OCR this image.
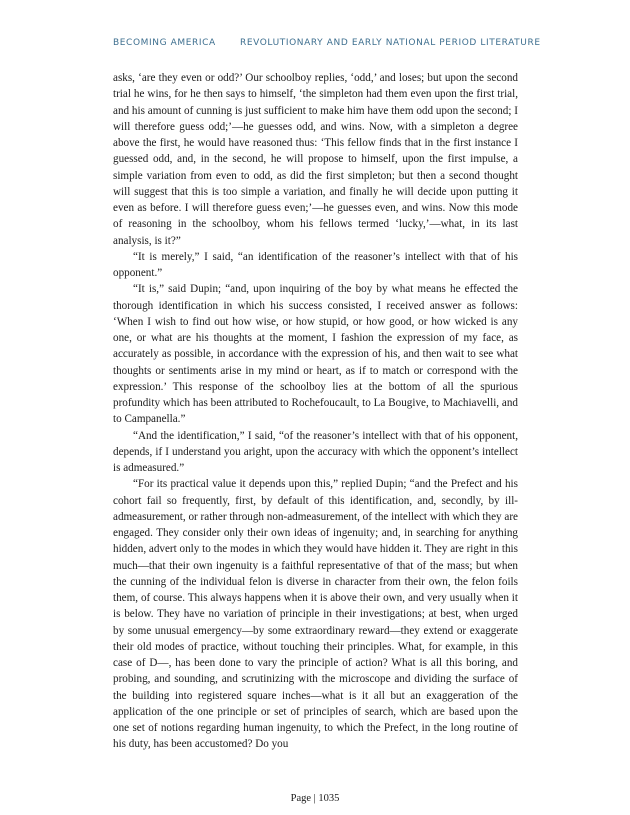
BECOMING AMERICA	REVOLUTIONARY AND EARLY NATIONAL PERIOD LITERATURE

asks, ‘are they even or odd?’ Our schoolboy replies, ‘odd,’ and loses; but upon the second trial he wins, for he then says to himself, ‘the simpleton had them even upon the first trial, and his amount of cunning is just sufficient to make him have them odd upon the second; I will therefore guess odd;’—he guesses odd, and wins. Now, with a simpleton a degree above the first, he would have reasoned thus: ‘This fellow finds that in the first instance I guessed odd, and, in the second, he will propose to himself, upon the first impulse, a simple variation from even to odd, as did the first simpleton; but then a second thought will suggest that this is too simple a variation, and finally he will decide upon putting it even as before. I will therefore guess even;’—he guesses even, and wins. Now this mode of reasoning in the schoolboy, whom his fellows termed ‘lucky,’—what, in its last analysis, is it?”

“It is merely,” I said, “an identification of the reasoner’s intellect with that of his opponent.”

“It is,” said Dupin; “and, upon inquiring of the boy by what means he effected the thorough identification in which his success consisted, I received answer as follows: ‘When I wish to find out how wise, or how stupid, or how good, or how wicked is any one, or what are his thoughts at the moment, I fashion the expression of my face, as accurately as possible, in accordance with the expression of his, and then wait to see what thoughts or sentiments arise in my mind or heart, as if to match or correspond with the expression.’ This response of the schoolboy lies at the bottom of all the spurious profundity which has been attributed to Rochefoucault, to La Bougive, to Machiavelli, and to Campanella.”

“And the identification,” I said, “of the reasoner’s intellect with that of his opponent, depends, if I understand you aright, upon the accuracy with which the opponent’s intellect is admeasured.”

“For its practical value it depends upon this,” replied Dupin; “and the Prefect and his cohort fail so frequently, first, by default of this identification, and, secondly, by ill-admeasurement, or rather through non-admeasurement, of the intellect with which they are engaged. They consider only their own ideas of ingenuity; and, in searching for anything hidden, advert only to the modes in which they would have hidden it. They are right in this much—that their own ingenuity is a faithful representative of that of the mass; but when the cunning of the individual felon is diverse in character from their own, the felon foils them, of course. This always happens when it is above their own, and very usually when it is below. They have no variation of principle in their investigations; at best, when urged by some unusual emergency—by some extraordinary reward—they extend or exaggerate their old modes of practice, without touching their principles. What, for example, in this case of D—, has been done to vary the principle of action? What is all this boring, and probing, and sounding, and scrutinizing with the microscope and dividing the surface of the building into registered square inches—what is it all but an exaggeration of the application of the one principle or set of principles of search, which are based upon the one set of notions regarding human ingenuity, to which the Prefect, in the long routine of his duty, has been accustomed? Do you

Page | 1035
